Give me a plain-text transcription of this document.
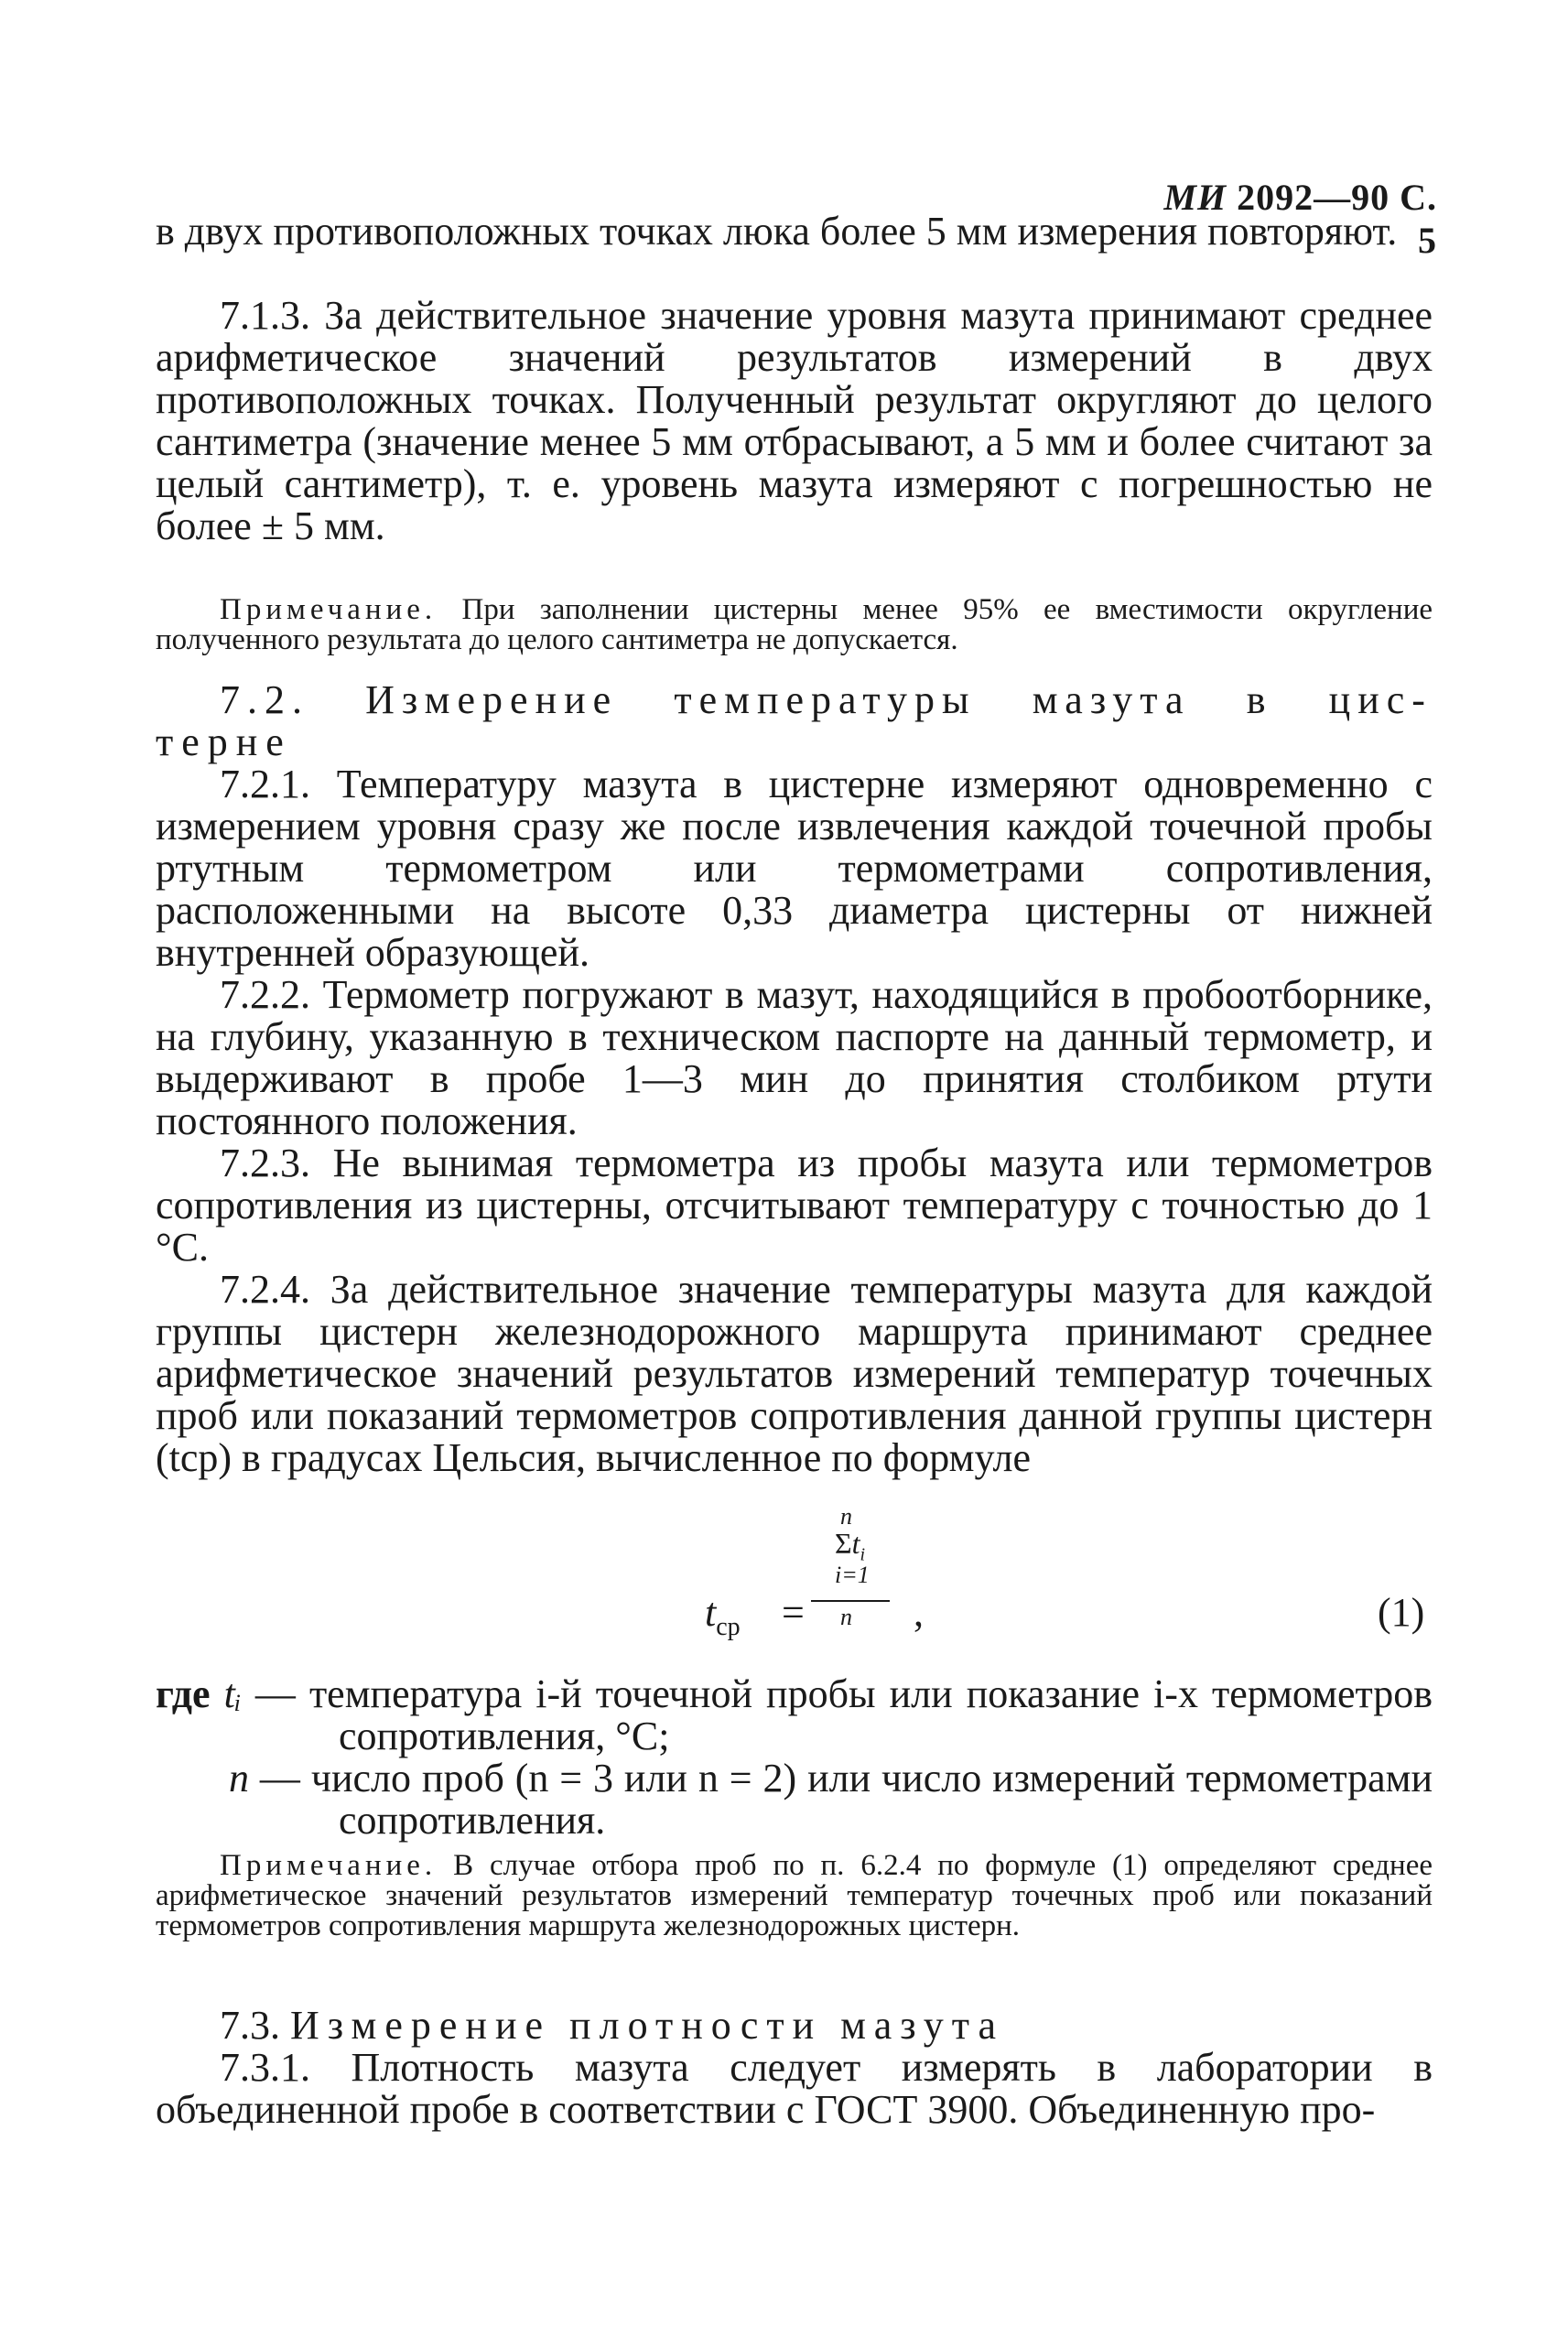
МИ 2092—90 С. 5

в двух противоположных точках люка более 5 мм измерения повторяют.

7.1.3. За действительное значение уровня мазута принимают среднее арифметическое значений результатов измерений в двух противоположных точках. Полученный результат округляют до целого сантиметра (значение менее 5 мм отбрасывают, а 5 мм и более считают за целый сантиметр), т. е. уровень мазута измеряют с погрешностью не более ± 5 мм.

Примечание. При заполнении цистерны менее 95% ее вместимости округление полученного результата до целого сантиметра не допускается.

7.2. Измерение температуры мазута в цис-
терне

7.2.1. Температуру мазута в цистерне измеряют одновременно с измерением уровня сразу же после извлечения каждой точечной пробы ртутным термометром или термометрами сопротивления, расположенными на высоте 0,33 диаметра цистерны от нижней внутренней образующей.

7.2.2. Термометр погружают в мазут, находящийся в пробоотборнике, на глубину, указанную в техническом паспорте на данный термометр, и выдерживают в пробе 1—3 мин до принятия столбиком ртути постоянного положения.

7.2.3. Не вынимая термометра из пробы мазута или термометров сопротивления из цистерны, отсчитывают температуру с точностью до 1 °С.

7.2.4. За действительное значение температуры мазута для каждой группы цистерн железнодорожного маршрута принимают среднее арифметическое значений результатов измерений температур точечных проб или показаний термометров сопротивления данной группы цистерн (tср) в градусах Цельсия, вычисленное по формуле

$t_{ср}$ =
n
$\Sigma t_i$
i=1
n ,	(1)
где tᵢ — температура i-й точечной пробы или показание i-х термометров сопротивления, °С;
n — число проб (n = 3 или n = 2) или число измерений термометрами сопротивления.

Примечание. В случае отбора проб по п. 6.2.4 по формуле (1) определяют среднее арифметическое значений результатов измерений температур точечных проб или показаний термометров сопротивления маршрута железнодорожных цистерн.

7.3. Измерение плотности мазута

7.3.1. Плотность мазута следует измерять в лаборатории в объединенной пробе в соответствии с ГОСТ 3900. Объединенную про-
